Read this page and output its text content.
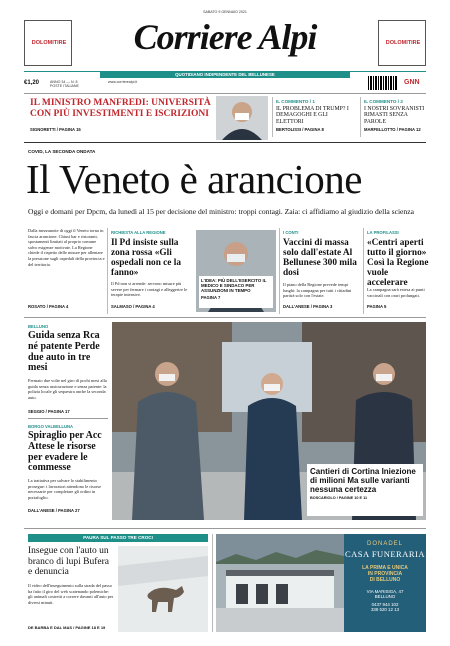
DOLOMITIRE	DOLOMITIRE
SABATO 9 GENNAIO 2021
Corriere Alpi
QUOTIDIANO INDIPENDENTE DEL BELLUNESE
€1,20	ANNO 34 — N. 8
POSTE ITALIANE
www.corrierealpi.it	GNN
IL MINISTRO MANFREDI: UNIVERSITÀ CON PIÙ INVESTIMENTI E ISCRIZIONI
SIGNORETTI / PAGINA 15
IL COMMENTO / 1
IL PROBLEMA DI TRUMP? I DEMAGOGHI E GLI ELETTORI
BERTOLISSI / PAGINA 8
IL COMMENTO / 2
I NOSTRI SOVRANISTI RIMASTI SENZA PAROLE
MARFELLOTTO / PAGINA 12
COVID, LA SECONDA ONDATA
Il Veneto è arancione
Oggi e domani per Dpcm, da lunedì al 15 per decisione del ministro: troppi contagi. Zaia: ci affidiamo al giudizio della scienza
Dalla mezzanotte di oggi il Veneto torna in fascia arancione. Chiusi bar e ristoranti, spostamenti limitati al proprio comune salvo esigenze motivate. La Regione chiede il rispetto delle misure per allentare la pressione sugli ospedali della provincia e del territorio.
ROSATO / PAGINA 4
RICHIESTA ALLA REGIONE
Il Pd insiste sulla zona rossa «Gli ospedali non ce la fanno»
Il Pd non si arrende: servono misure più severe per fermare i contagi e alleggerire le terapie intensive.
SALMASO / PAGINA 4
L'IDEA: PIÙ DELL'ESERCITO IL MEDICO E SINDACO PER ASSUNZIONI IN TEMPO
PAGINA 7
I CONTI
Vaccini di massa solo dall'estate Al Bellunese 300 mila dosi
Il piano della Regione prevede tempi lunghi: la campagna per tutti i cittadini partirà solo con l'estate.
DALL'ANESE / PAGINA 3
LA PROFILASSI
«Centri aperti tutto il giorno» Così la Regione vuole accelerare
La campagna sarà estesa ai punti vaccinali con orari prolungati.
PAGINA 5
BELLUNO
Guida senza Rca né patente Perde due auto in tre mesi
Fermato due volte nel giro di pochi mesi alla guida senza assicurazione e senza patente: la polizia locale gli sequestra anche la seconda auto.
SEGGIO / PAGINA 17
BORGO VALBELLUNA
Spiraglio per Acc Attese le risorse per evadere le commesse
La trattativa per salvare lo stabilimento prosegue: i lavoratori attendono le risorse necessarie per completare gli ordini in portafoglio.
DALL'ANESE / PAGINA 27
Cantieri di Cortina Iniezione di milioni Ma sulle varianti nessuna certezza
BOSCARIOLO / PAGINE 10 E 11
PAURA SUL PASSO TRE CROCI
Insegue con l'auto un branco di lupi Bufera e denuncia
Il video dell'inseguimento sulla strada del passo ha fatto il giro del web scatenando polemiche: gli animali costretti a correre davanti all'auto per diversi minuti.
DE BARBA E DAL MAS / PAGINE 18 E 19
DONADEL
CASA FUNERARIA
LA PRIMA E UNICA
IN PROVINCIA
DI BELLUNO
VIA MARISIGA, 47
BELLUNO
0437 944 102
338 520 12 13
